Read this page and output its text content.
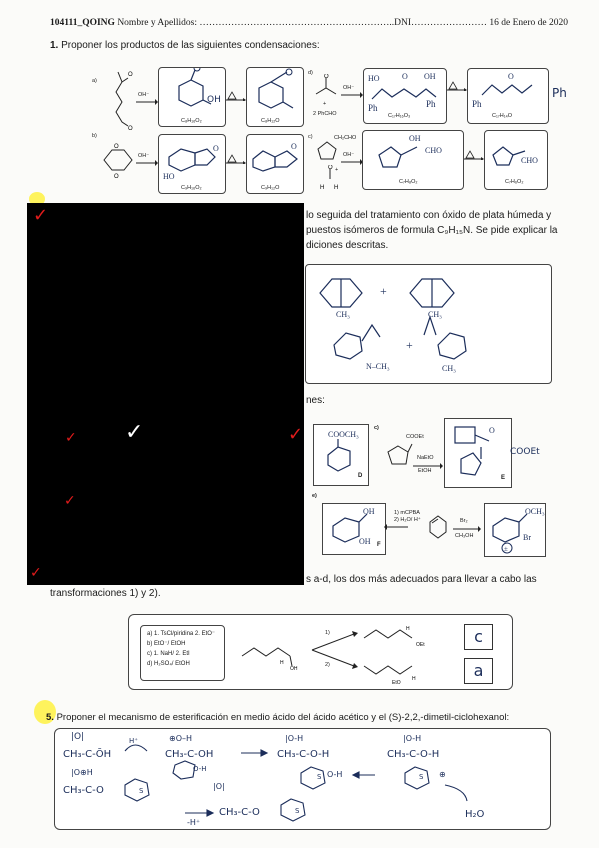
104111_QOING Nombre y Apellidos: ……………………………………………………..DNI…………………… 16 de Enero de 2020
1. Proponer los productos de las siguientes condensaciones:
a)
O
O
OH⁻	OH
C₈H₁₆O₂	C₈H₁₂O
d)
O
OH⁻
+
2 PhCHO
HO	OH
O
Ph	Ph
C₁₇H₁₆O₃
O
Ph
C₁₇H₁₄O
Ph
b)
O
O
OH⁻
O
HO
C₉H₁₆O₂
O
C₉H₁₂O
c)	CH₂CHO
OH⁻
+
O
H H
OH
CHO
C₇H₈O₂
CHO
C₇H₆O₂
lo seguida del tratamiento con óxido de plata húmeda y
puestos isómeros de formula C₉H₁₅N. Se pide explicar la
diciones descritas.
CH₃
+
CH₃
N–CH₃
+
CH₃
nes:
COOCH₃
D
c)
COOEt
NaEtO
EtOH
O
E
COOEt
e)
OH
OH F
1) mCPBA
2) H₂O/ H⁺	Br₂
CH₃OH
OCH₃
Br
±
✓
✓ ✓	✓
✓
✓	s a-d, los dos más adecuados para llevar a cabo las
transformaciones 1) y 2).
a) 1. TsCl/piridina 2. EtO⁻
b) EtO⁻/ EtOH
c) 1. NaH/ 2. EtI
d) H₂SO₄/ EtOH	H
OH
1)
2)
H
OEt
EtO
H
c
a
5. Proponer el mecanismo de esterificación en medio ácido del ácido acético y el (S)-2,2,-dimetil-ciclohexanol:
|O|
CH₃-C-ŌH
H⁺	⊕O–H
CH₃-C-OH
O-H
|O-H
CH₃-C-O-H
S O-H
|O-H
CH₃-C-O-H
S ⊕
H₂O
|O⊕H
CH₃-C-O	S	|O|
-H⁺
CH₃-C-O	S
